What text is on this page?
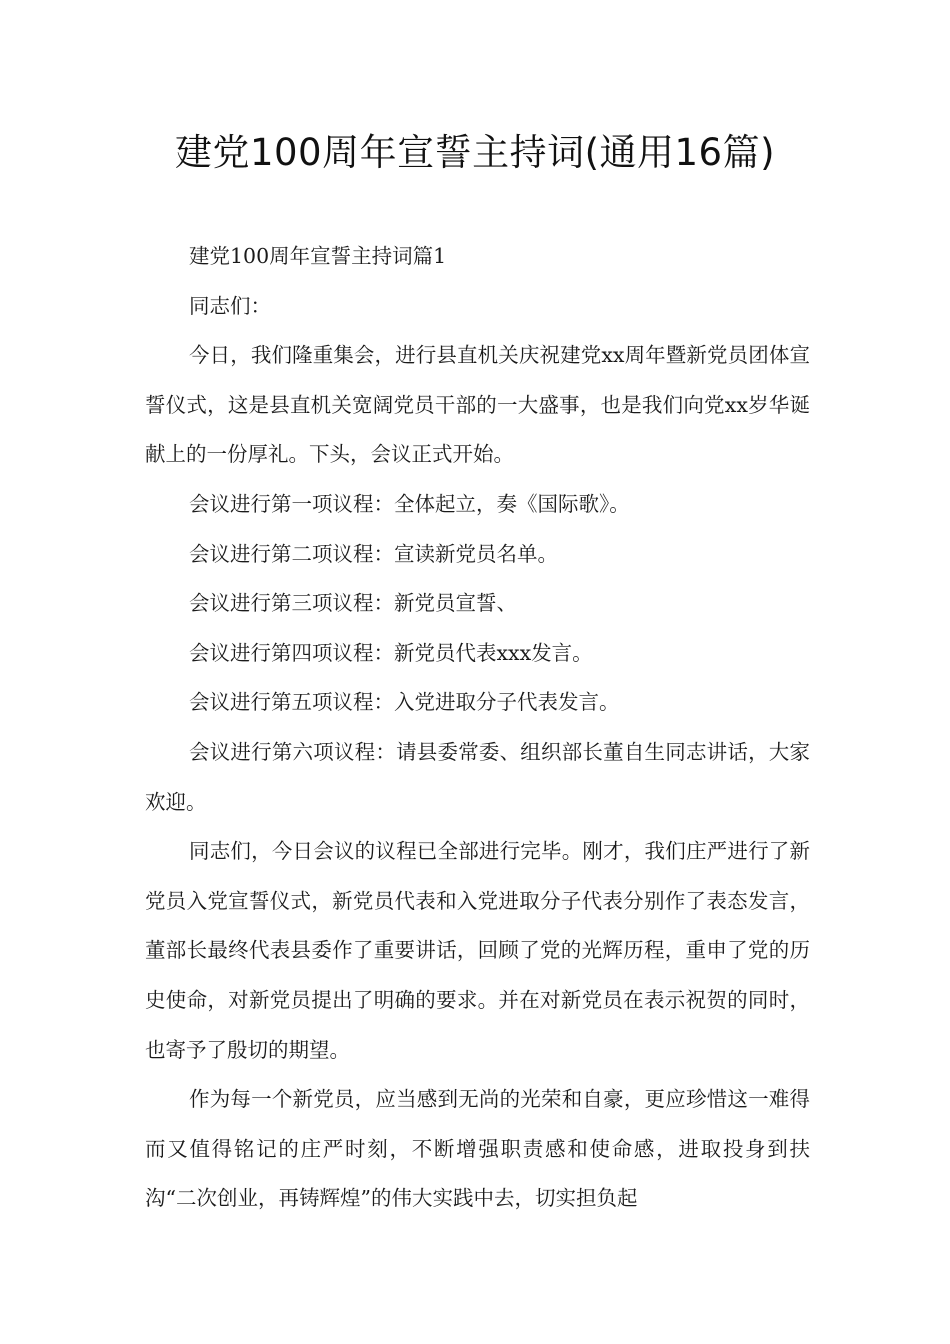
建党100周年宣誓主持词(通用16篇)

建党100周年宣誓主持词篇1

同志们：

今日，我们隆重集会，进行县直机关庆祝建党xx周年暨新党员团体宣誓仪式，这是县直机关宽阔党员干部的一大盛事，也是我们向党xx岁华诞献上的一份厚礼。下头，会议正式开始。

会议进行第一项议程：全体起立，奏《国际歌》。

会议进行第二项议程：宣读新党员名单。

会议进行第三项议程：新党员宣誓、

会议进行第四项议程：新党员代表xxx发言。

会议进行第五项议程：入党进取分子代表发言。

会议进行第六项议程：请县委常委、组织部长董自生同志讲话，大家欢迎。

同志们，今日会议的议程已全部进行完毕。刚才，我们庄严进行了新党员入党宣誓仪式，新党员代表和入党进取分子代表分别作了表态发言，董部长最终代表县委作了重要讲话，回顾了党的光辉历程，重申了党的历史使命，对新党员提出了明确的要求。并在对新党员在表示祝贺的同时，也寄予了殷切的期望。

作为每一个新党员，应当感到无尚的光荣和自豪，更应珍惜这一难得而又值得铭记的庄严时刻，不断增强职责感和使命感，进取投身到扶沟“二次创业，再铸辉煌”的伟大实践中去，切实担负起
